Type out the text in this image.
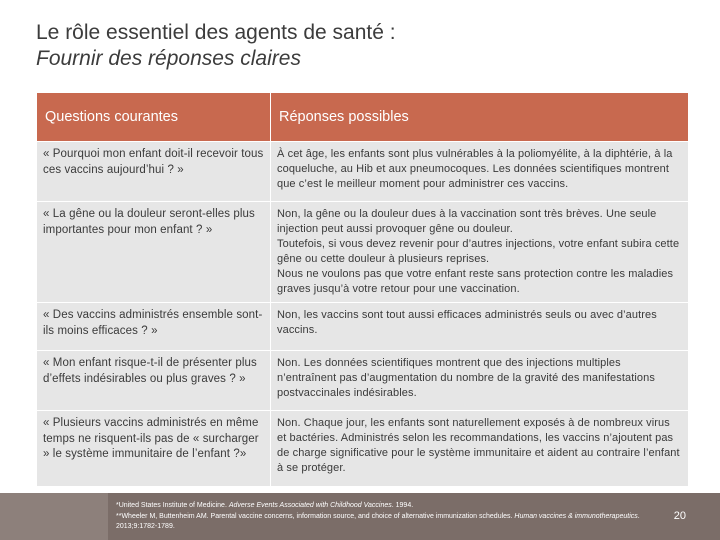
Le rôle essentiel des agents de santé :
Fournir des réponses claires
Questions courantes	Réponses possibles
« Pourquoi mon enfant doit-il recevoir tous ces vaccins aujourd’hui ? »	À cet âge, les enfants sont plus vulnérables à la poliomyélite, à la diphtérie, à la coqueluche, au Hib et aux pneumocoques. Les données scientifiques montrent que c’est le meilleur moment pour administrer ces vaccins.
« La gêne ou la douleur seront-elles plus importantes pour mon enfant ? »	Non, la gêne ou la douleur dues à la vaccination sont très brèves. Une seule injection peut aussi provoquer gêne ou douleur.
Toutefois, si vous devez revenir pour d’autres injections, votre enfant subira cette gêne ou cette douleur à plusieurs reprises.
Nous ne voulons pas que votre enfant reste sans protection contre les maladies graves jusqu’à votre retour pour une vaccination.

« Des vaccins administrés ensemble sont-ils moins efficaces ? »	Non, les vaccins sont tout aussi efficaces administrés seuls ou avec d’autres vaccins.
« Mon enfant risque-t-il de présenter plus d’effets indésirables ou plus graves ? »	Non. Les données scientifiques montrent que des injections multiples n’entraînent pas d’augmentation du nombre de la gravité des manifestations postvaccinales indésirables.
« Plusieurs vaccins administrés en même temps ne risquent-ils pas de « surcharger » le système immunitaire de l’enfant ?»	Non. Chaque jour, les enfants sont naturellement exposés à de nombreux virus et bactéries. Administrés selon les recommandations, les vaccins n’ajoutent pas de charge significative pour le système immunitaire et aident au contraire l’enfant à se protéger.
*United States Institute of Medicine. Adverse Events Associated with Childhood Vaccines. 1994.
**Wheeler M, Buttenheim AM. Parental vaccine concerns, information source, and choice of alternative immunization schedules. Human vaccines & immunotherapeutics. 2013;9:1782-1789.
20
